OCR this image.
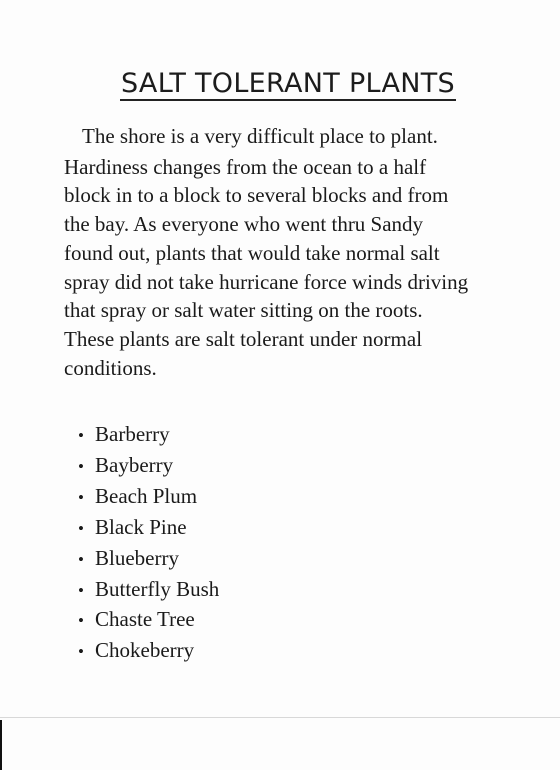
SALT TOLERANT PLANTS
The shore is a very difficult place to plant.
Hardiness changes from the ocean to a half
block in to a block to several blocks and from
the bay. As everyone who went thru Sandy
found out, plants that would take normal salt
spray did not take hurricane force winds driving
that spray or salt water sitting on the roots.
These plants are salt tolerant under normal
conditions.
• Barberry
• Bayberry
• Beach Plum
• Black Pine
• Blueberry
• Butterfly Bush
• Chaste Tree
• Chokeberry
